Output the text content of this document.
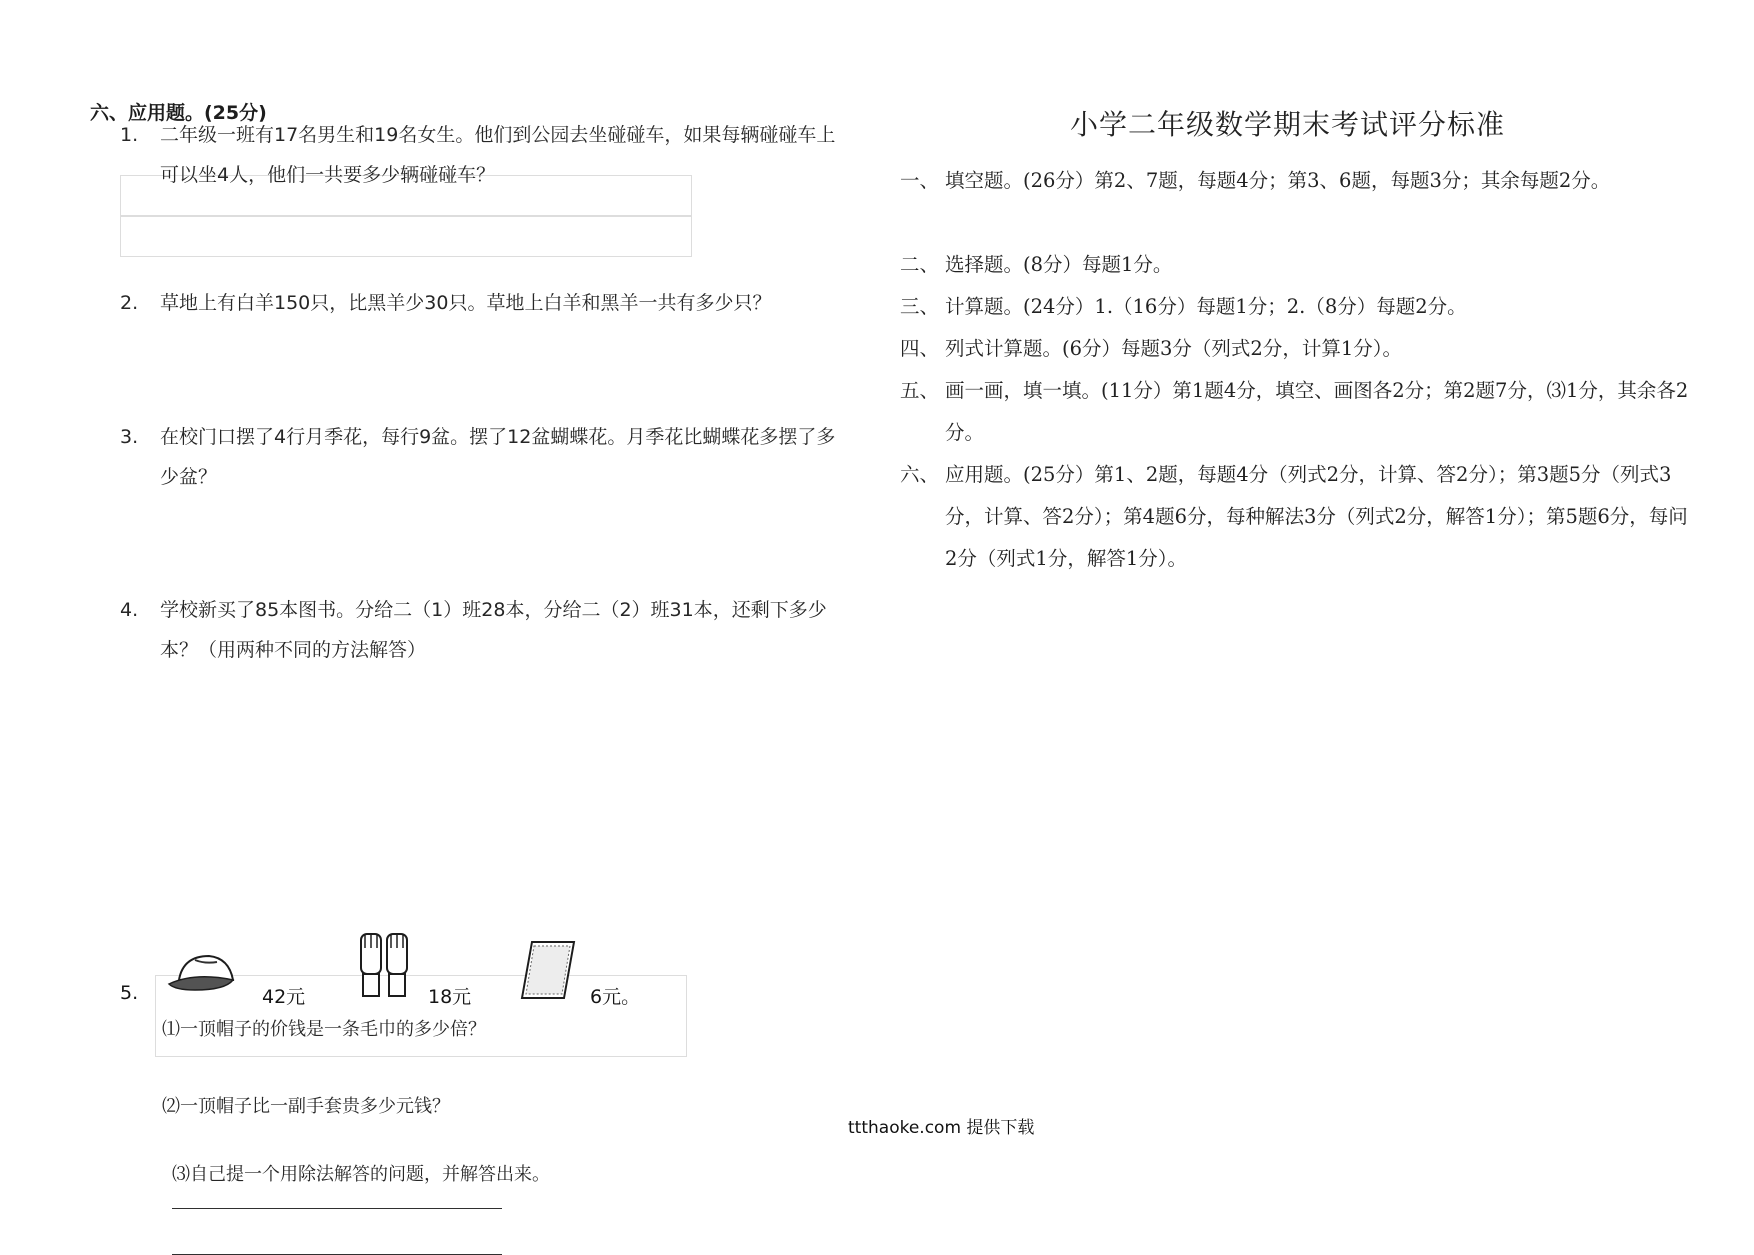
六、应用题。(25分)
1.	二年级一班有17名男生和19名女生。他们到公园去坐碰碰车，如果每辆碰碰车上可以坐4人，他们一共要多少辆碰碰车？
2.	草地上有白羊150只，比黑羊少30只。草地上白羊和黑羊一共有多少只？
3.	在校门口摆了4行月季花，每行9盆。摆了12盆蝴蝶花。月季花比蝴蝶花多摆了多少盆？
4.	学校新买了85本图书。分给二（1）班28本，分给二（2）班31本，还剩下多少本？（用两种不同的方法解答）
5.	42元	18元	6元。
⑴一顶帽子的价钱是一条毛巾的多少倍？
⑵一顶帽子比一副手套贵多少元钱？
⑶自己提一个用除法解答的问题，并解答出来。
小学二年级数学期末考试评分标准
一、 填空题。(26分）第2、7题，每题4分；第3、6题，每题3分；其余每题2分。
二、 选择题。(8分）每题1分。
三、 计算题。(24分）1.（16分）每题1分；2.（8分）每题2分。
四、 列式计算题。(6分）每题3分（列式2分，计算1分）。
五、 画一画，填一填。(11分）第1题4分，填空、画图各2分；第2题7分，⑶1分，其余各2分。
六、 应用题。(25分）第1、2题，每题4分（列式2分，计算、答2分）；第3题5分（列式3分，计算、答2分）；第4题6分，每种解法3分（列式2分，解答1分）；第5题6分，每问2分（列式1分，解答1分）。
ttthaoke.com 提供下载
